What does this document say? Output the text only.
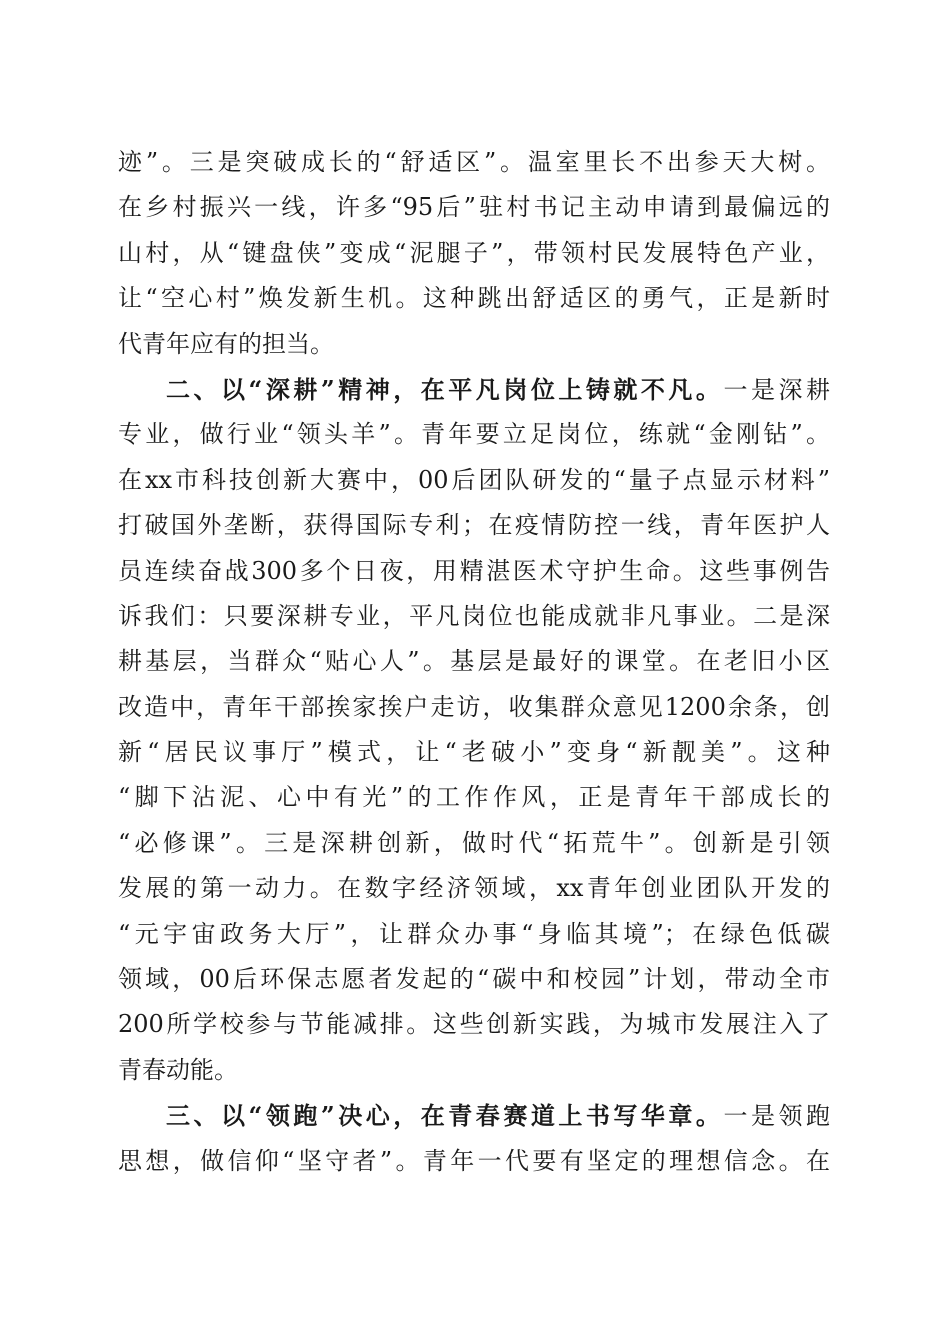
迹”。三是突破成长的“舒适区”。温室里长不出参天大树。
在乡村振兴一线，许多“95后”驻村书记主动申请到最偏远的
山村，从“键盘侠”变成“泥腿子”，带领村民发展特色产业，
让“空心村”焕发新生机。这种跳出舒适区的勇气，正是新时
代青年应有的担当。
二、以“深耕”精神，在平凡岗位上铸就不凡。一是深耕
专业，做行业“领头羊”。青年要立足岗位，练就“金刚钻”。
在xx市科技创新大赛中，00后团队研发的“量子点显示材料”
打破国外垄断，获得国际专利；在疫情防控一线，青年医护人
员连续奋战300多个日夜，用精湛医术守护生命。这些事例告
诉我们：只要深耕专业，平凡岗位也能成就非凡事业。二是深
耕基层，当群众“贴心人”。基层是最好的课堂。在老旧小区
改造中，青年干部挨家挨户走访，收集群众意见1200余条，创
新“居民议事厅”模式，让“老破小”变身“新靓美”。这种
“脚下沾泥、心中有光”的工作作风，正是青年干部成长的
“必修课”。三是深耕创新，做时代“拓荒牛”。创新是引领
发展的第一动力。在数字经济领域，xx青年创业团队开发的
“元宇宙政务大厅”，让群众办事“身临其境”；在绿色低碳
领域，00后环保志愿者发起的“碳中和校园”计划，带动全市
200所学校参与节能减排。这些创新实践，为城市发展注入了
青春动能。
三、以“领跑”决心，在青春赛道上书写华章。一是领跑
思想，做信仰“坚守者”。青年一代要有坚定的理想信念。在
